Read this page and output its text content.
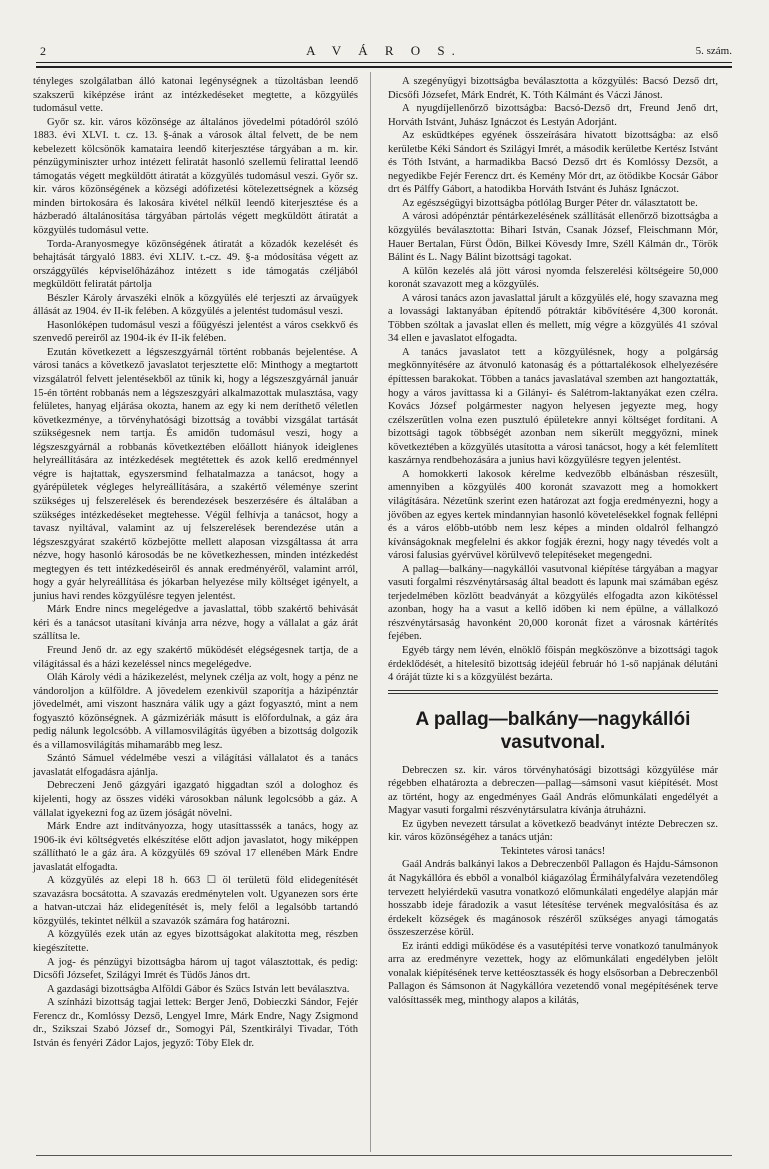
2	A V Á R O S.	5. szám.

tényleges szolgálatban álló katonai legénységnek a tüzoltásban leendő szakszerű kiképzése iránt az intézkedéseket megtette, a közgyülés tudomásul vette.

Győr sz. kir. város közönsége az általános jövedelmi pótadóról szóló 1883. évi XLVI. t. cz. 13. §-ának a városok által felvett, de be nem kebelezett kölcsönök kamataira leendő kiterjesztése tárgyában a m. kir. pénzügyminiszter urhoz intézett feliratát hasonló szellemü felirattal leendő támogatás végett megküldött átiratát a közgyülés tudomásul veszi. Győr sz. kir. város közönségének a községi adófizetési kötelezettségnek a község minden birtokosára és lakosára kivétel nélkül leendő kiterjesztése és a házberadó általánosítása tárgyában pártolás végett megküldött átiratát a közgyülés tudomásul vette.

Torda-Aranyosmegye közönségének átiratát a közadók kezelését és behajtását tárgyaló 1883. évi XLIV. t.-cz. 49. §-a módosítása végett az országgyűlés képviselőházához intézett s ide támogatás czéljából megküldött feliratát pártolja

Bészler Károly árvaszéki elnök a közgyülés elé terjeszti az árvaügyek állását az 1904. év II-ik felében. A közgyülés a jelentést tudomásul veszi.

Hasonlóképen tudomásul veszi a főügyészi jelentést a város csekkvő és szenvedő pereiről az 1904-ik év II-ik felében.

Ezután következett a légszeszgyárnál történt robbanás bejelentése. A városi tanács a következő javaslatot terjesztette elő: Minthogy a megtartott vizsgálatról felvett jelentésekből az tűnik ki, hogy a légszeszgyárnál január 15-én történt robbanás nem a légszeszgyári alkalmazottak mulasztása, vagy felületes, hanyag eljárása okozta, hanem az egy ki nem deríthető véletlen következménye, a törvényhatósági bizottság a további vizsgálat tartását szükségesnek nem tartja. És amidőn tudomásul veszi, hogy a légszeszgyárnál a robbanás következtében előállott hiányok ideiglenes helyreállítására az intézkedések megtétettek és azok kellő eredménnyel végre is hajtattak, egyszersmind felhatalmazza a tanácsot, hogy a gyárépületek végleges helyreállítására, a szakértő véleménye szerint szükséges uj felszerelések és berendezések beszerzésére és általában a szükséges intézkedéseket megtehesse. Végül felhívja a tanácsot, hogy a tavasz nyiltával, valamint az uj felszerelések berendezése után a légszeszgyárat szakértő közbejötte mellett alaposan vizsgáltassa át arra nézve, hogy hasonló károsodás be ne következhessen, minden intézkedést megtegyen és tett intézkedéseiről és annak eredményéről, valamint arról, hogy a gyár helyreállítása és jókarban helyezése mily költséget igényelt, a junius havi rendes közgyülésre tegyen jelentést.

Márk Endre nincs megelégedve a javaslattal, több szakértő behivását kéri és a tanácsot utasítani kívánja arra nézve, hogy a vállalat a gáz árát szállítsa le.

Freund Jenő dr. az egy szakértő müködését elégségesnek tartja, de a világítással és a házi kezeléssel nincs megelégedve.

Oláh Károly védi a házikezelést, melynek czélja az volt, hogy a pénz ne vándoroljon a külföldre. A jövedelem ezenkivül szaporítja a házipénztár jövedelmét, ami viszont hasznára válik ugy a gázt fogyasztó, mint a nem fogyasztó közönségnek. A gázmizériák másutt is előfordulnak, a gáz ára pedig nálunk legolcsóbb. A villamosvilágítás ügyében a bizottság dolgozik és a villamosvilágítás mihamarább meg lesz.

Szántó Sámuel védelmébe veszi a világítási vállalatot és a tanács javaslatát elfogadásra ajánlja.

Debreczeni Jenő gázgyári igazgató higgadtan szól a dologhoz és kijelenti, hogy az összes vidéki városokban nálunk legolcsóbb a gáz. A vállalat igyekezni fog az üzem jóságát növelni.

Márk Endre azt indítványozza, hogy utasíttasssék a tanács, hogy az 1906-ik évi költségvetés elkészítése előtt adjon javaslatot, hogy miképpen szállítható le a gáz ára. A közgyülés 69 szóval 17 ellenében Márk Endre javaslatát elfogadta.

A közgyülés az elepi 18 h. 663 ☐ öl területü föld elidegenítését szavazásra bocsátotta. A szavazás eredménytelen volt. Ugyanezen sors érte a hatvan-utczai ház elidegenítését is, mely felől a legalsóbb tartandó közgyülés, tekintet nélkül a szavazók számára fog határozni.

A közgyülés ezek után az egyes bizottságokat alakította meg, részben kiegészítette.

A jog- és pénzügyi bizottságba három uj tagot választottak, és pedig: Dicsőfi Józsefet, Szilágyi Imrét és Tüdős János drt.

A gazdasági bizottságba Alföldi Gábor és Szücs István lett beválasztva.

A színházi bizottság tagjai lettek: Berger Jenő, Dobieczki Sándor, Fejér Ferencz dr., Komlóssy Dezső, Lengyel Imre, Márk Endre, Nagy Zsigmond dr., Szikszai Szabó József dr., Somogyi Pál, Szentkirályi Tivadar, Tóth István és fenyéri Zádor Lajos, jegyző: Tóby Elek dr.

A szegényügyi bizottságba beválasztotta a közgyülés: Bacsó Dezső drt, Dicsőfi Józsefet, Márk Endrét, K. Tóth Kálmánt és Váczi Jánost.

A nyugdíjellenőrző bizottságba: Bacsó-Dezső drt, Freund Jenő drt, Horváth Istvánt, Juhász Ignáczot és Lestyán Adorjánt.

Az esküdtképes egyének összeírására hivatott bizottságba: az első kerületbe Kéki Sándort és Szilágyi Imrét, a második kerületbe Kertész Istvánt és Tóth Istvánt, a harmadikba Bacsó Dezső drt és Komlóssy Dezsőt, a negyedikbe Fejér Ferencz drt. és Kemény Mór drt, az ötödikbe Kocsár Gábor drt és Pálffy Gábort, a hatodikba Horváth Istvánt és Juhász Ignáczot.

Az egészségügyi bizottságba pótlólag Burger Péter dr. választatott be.

A városi adópénztár péntárkezelésének szállítását ellenőrző bizottságba a közgyülés beválasztotta: Bihari István, Csanak József, Fleischmann Mór, Hauer Bertalan, Fürst Ödön, Bilkei Kövesdy Imre, Széll Kálmán dr., Török Bálint és L. Nagy Bálint bizottsági tagokat.

A külön kezelés alá jött városi nyomda felszerelési költségeire 50,000 koronát szavazott meg a közgyülés.

A városi tanács azon javaslattal járult a közgyülés elé, hogy szavazna meg a lovassági laktanyában építendő pótraktár kibővítésére 4,300 koronát. Többen szóltak a javaslat ellen és mellett, míg végre a közgyülés 41 szóval 34 ellen e javaslatot elfogadta.

A tanács javaslatot tett a közgyülésnek, hogy a polgárság megkönnyítésére az átvonuló katonaság és a póttartalékosok elhelyezésére építtessen barakokat. Többen a tanács javaslatával szemben azt hangoztatták, hogy a város javíttassa ki a Gilányi- és Salétrom-laktanyákat ezen czélra. Kovács József polgármester nagyon helyesen jegyezte meg, hogy czélszerűtlen volna ezen pusztuló épületekre annyi költséget fordítani. A bizottsági tagok többségét azonban nem sikerült meggyőzni, minek következtében a közgyülés utasította a városi tanácsot, hogy a két felemlített kaszárnya rendbehozására a junius havi közgyülésre tegyen jelentést.

A homokkerti lakosok kérelme kedvezőbb elbánásban részesült, amennyiben a közgyülés 400 koronát szavazott meg a homokkert világítására. Nézetünk szerint ezen határozat azt fogja eredményezni, hogy a jövőben az egyes kertek mindannyian hasonló követelésekkel fognak fellépni és a város előbb-utóbb nem lesz képes a minden oldalról felhangzó kívánságoknak megfelelni és akkor fogják érezni, hogy nagy tévedés volt a városi falusias gyérvüvel körülvevő telepítéseket megengedni.

A pallag—balkány—nagykállói vasutvonal kiépítése tárgyában a magyar vasuti forgalmi részvénytársaság által beadott és lapunk mai számában egész terjedelmében közlött beadványát a közgyülés elfogadta azon kikötéssel azonban, hogy ha a vasut a kellő időben ki nem épülne, a vállalkozó részvénytársaság havonként 20,000 koronát fizet a városnak kártérítés fejében.

Egyéb tárgy nem lévén, elnöklő főispán megköszönve a bizottsági tagok érdeklődését, a hitelesítő bizottság idejéül február hó 1-ső napjának délutáni 4 óráját tüzte ki s a közgyülést bezárta.

A pallag—balkány—nagykállói vasutvonal.

Debreczen sz. kir. város törvényhatósági bizottsági közgyülése már régebben elhatározta a debreczen—pallag—sámsoni vasut kiépítését. Most az történt, hogy az engedményes Gaál András előmunkálati engedélyét a Magyar vasuti forgalmi részvénytársulatra kívánja átruházni.

Ez ügyben nevezett társulat a következő beadványt intézte Debreczen sz. kir. város közönségéhez a tanács utján:

Tekintetes városi tanács!

Gaál András balkányi lakos a Debreczenből Pallagon és Hajdu-Sámsonon át Nagykállóra és ebből a vonalból kiágazólag Érmihályfalvára vezetendőleg tervezett helyiérdekü vasutra vonatkozó előmunkálati engedélye alapján már hosszabb ideje fáradozik a vasut létesítése tervének megvalósítása és az érdekelt községek és magánosok részéről szükséges anyagi támogatás összeszerzése körül.

Ez iránti eddigi működése és a vasutépítési terve vonatkozó tanulmányok arra az eredményre vezettek, hogy az előmunkálati engedélyben jelölt vonalak kiépítésének terve kettéosztassék és hogy elsősorban a Debreczenből Pallagon és Sámsonon át Nagykállóra vezetendő vonal megépítésének terve valósíttassék meg, minthogy alapos a kilátás,
